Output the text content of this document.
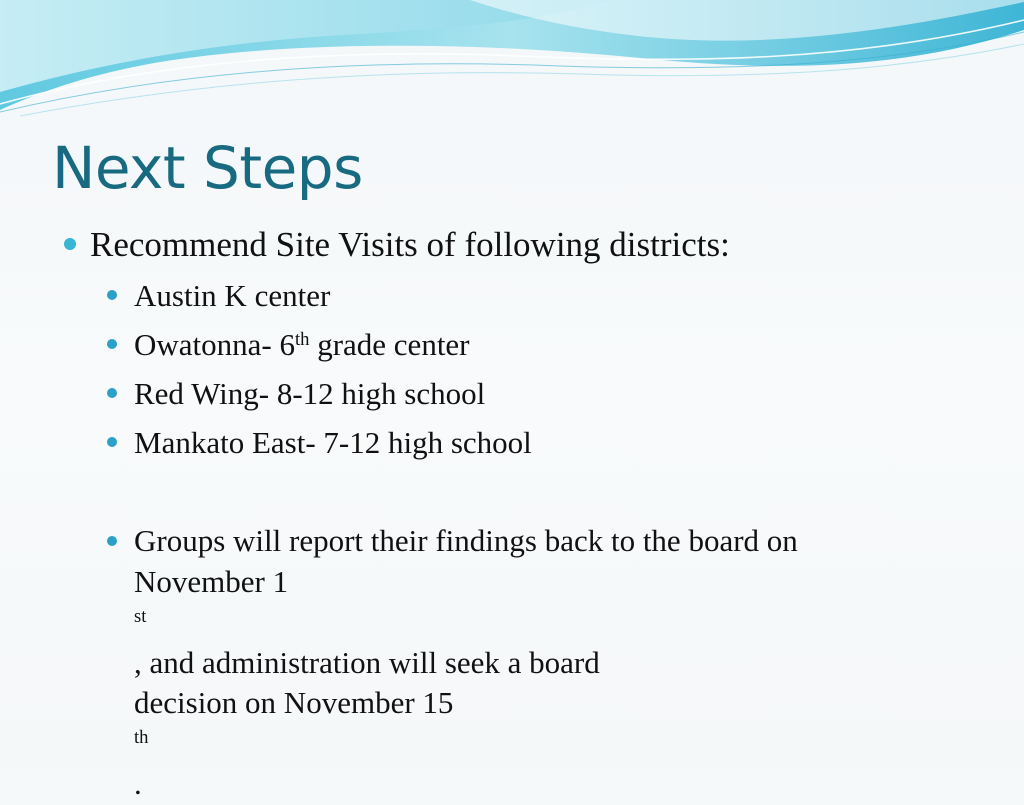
Next Steps
Recommend Site Visits of following districts:
Austin K center
Owatonna- 6th grade center
Red Wing- 8-12 high school
Mankato East- 7-12 high school
Groups will report their findings back to the board on
November 1
$^{st}$
, and administration will seek a board
decision on November 15
$^{th}$
.
